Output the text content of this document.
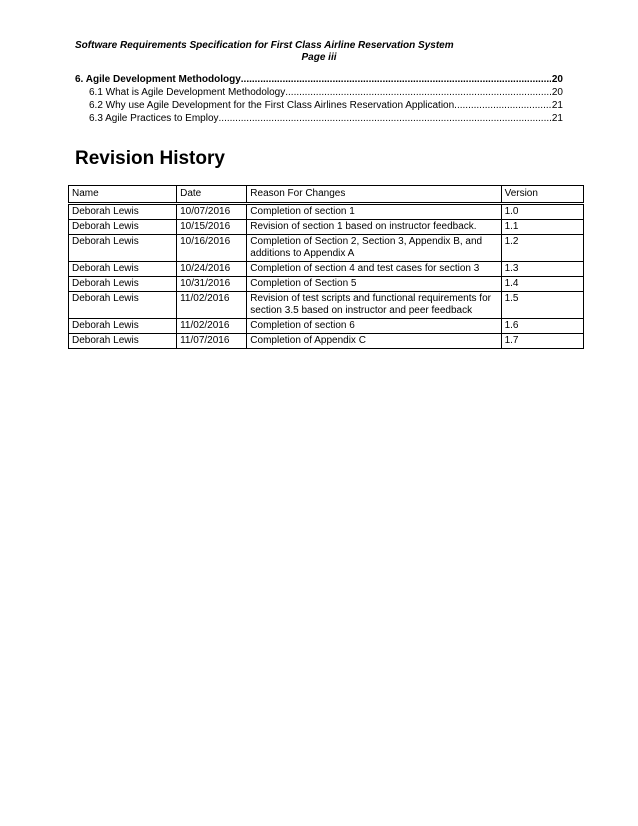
Software Requirements Specification for First Class Airline Reservation System
Page iii
6. Agile Development Methodology .....	20
6.1 What is Agile Development Methodology .....	20
6.2 Why use Agile Development for the First Class Airlines Reservation Application .....	21
6.3 Agile Practices to Employ .....	21
Revision History
Name	Date	Reason For Changes	Version
Deborah Lewis	10/07/2016	Completion of section 1	1.0
Deborah Lewis	10/15/2016	Revision of section 1 based on instructor feedback.	1.1
Deborah Lewis	10/16/2016	Completion of Section 2, Section 3, Appendix B, and additions to Appendix A	1.2
Deborah Lewis	10/24/2016	Completion of section 4 and test cases for section 3	1.3
Deborah Lewis	10/31/2016	Completion of Section 5	1.4
Deborah Lewis	11/02/2016	Revision of test scripts and functional requirements for section 3.5 based on instructor and peer feedback	1.5
Deborah Lewis	11/02/2016	Completion of section 6	1.6
Deborah Lewis	11/07/2016	Completion of Appendix C	1.7
